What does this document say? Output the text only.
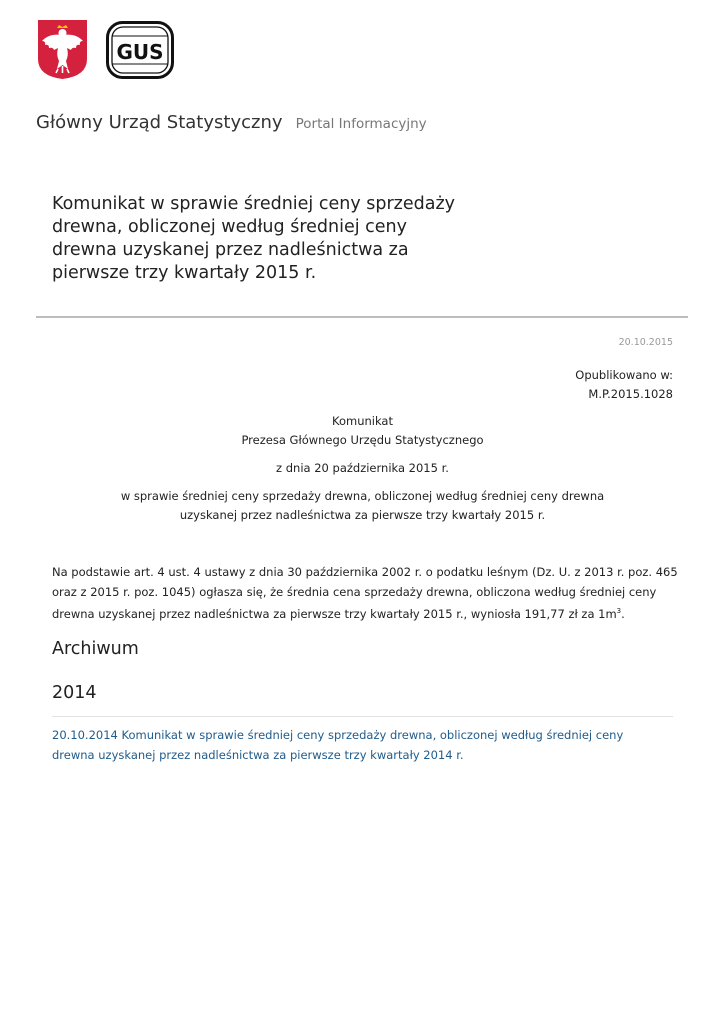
GUS
Główny Urząd Statystyczny Portal Informacyjny
Komunikat w sprawie średniej ceny sprzedaży drewna, obliczonej według średniej ceny drewna uzyskanej przez nadleśnictwa za pierwsze trzy kwartały 2015 r.
20.10.2015
Opublikowano w:
M.P.2015.1028
Komunikat
Prezesa Głównego Urzędu Statystycznego
z dnia 20 października 2015 r.
w sprawie średniej ceny sprzedaży drewna, obliczonej według średniej ceny drewna
uzyskanej przez nadleśnictwa za pierwsze trzy kwartały 2015 r.

Na podstawie art. 4 ust. 4 ustawy z dnia 30 października 2002 r. o podatku leśnym (Dz. U. z 2013 r. poz. 465 oraz z 2015 r. poz. 1045) ogłasza się, że średnia cena sprzedaży drewna, obliczona według średniej ceny drewna uzyskanej przez nadleśnictwa za pierwsze trzy kwartały 2015 r., wyniosła 191,77 zł za $1m^3$.

Archiwum
2014
20.10.2014 Komunikat w sprawie średniej ceny sprzedaży drewna, obliczonej według średniej ceny drewna uzyskanej przez nadleśnictwa za pierwsze trzy kwartały 2014 r.
